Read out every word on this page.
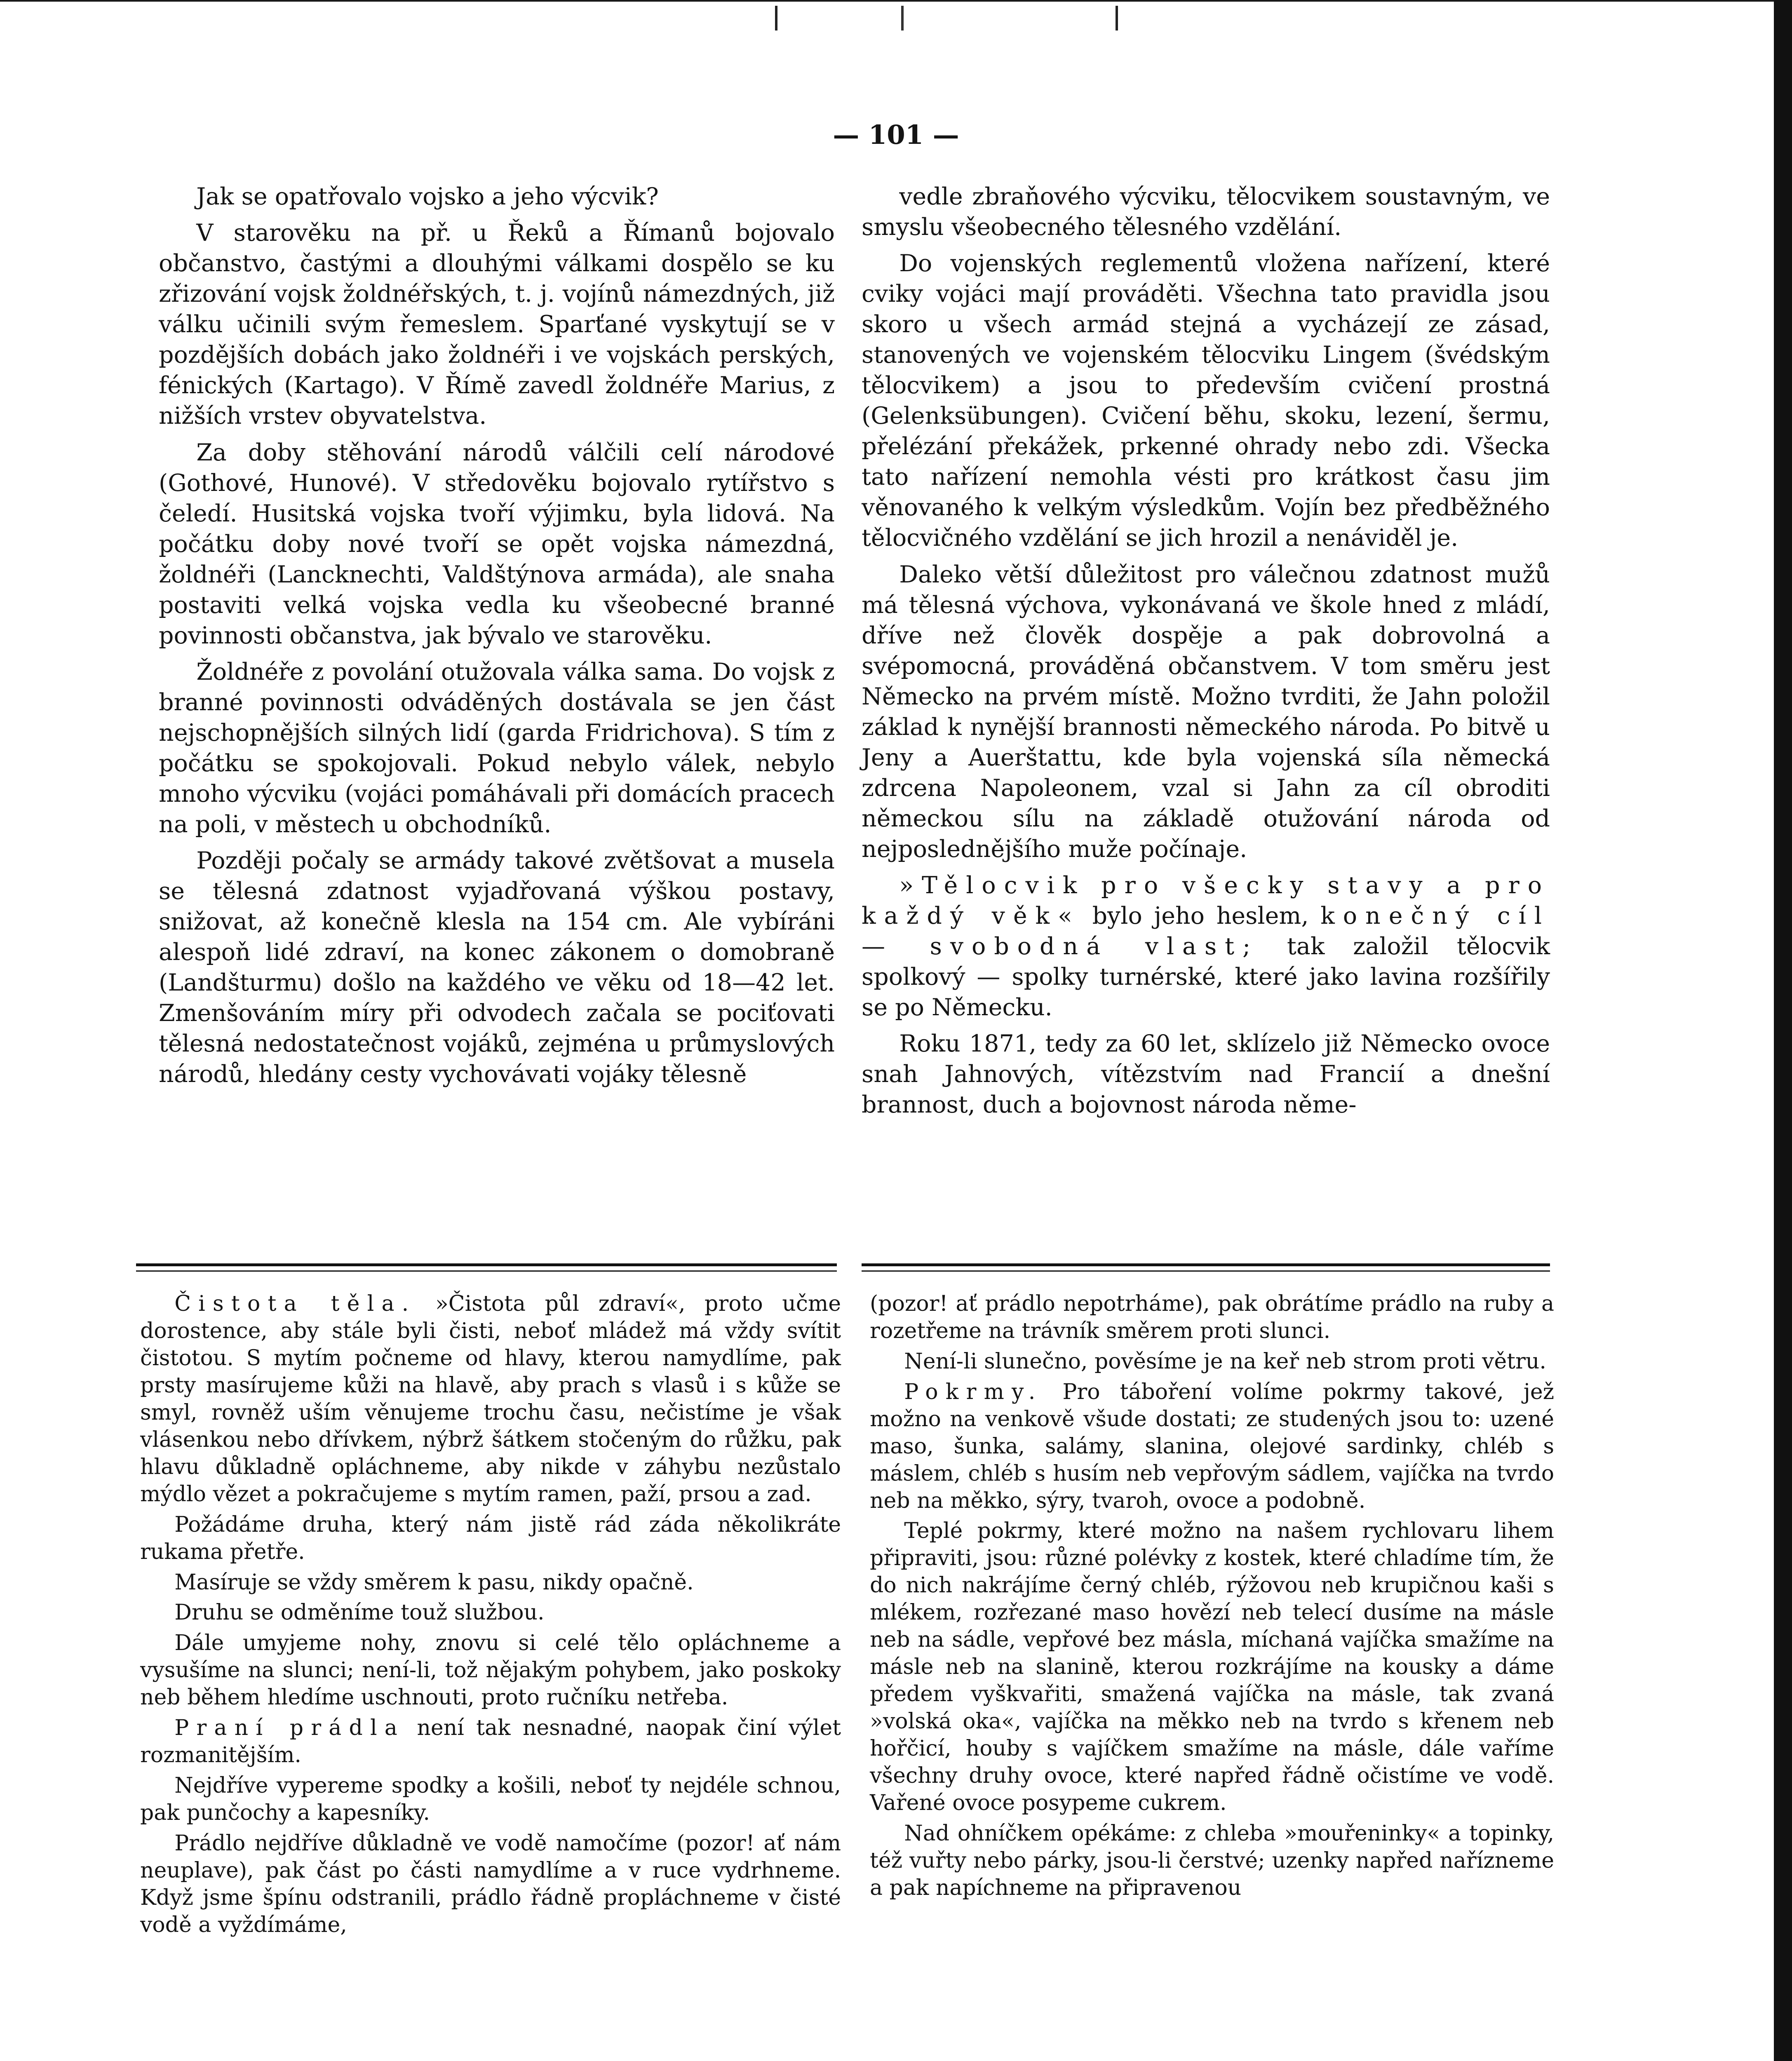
— 101 —

Jak se opatřovalo vojsko a jeho výcvik?

V starověku na př. u Řeků a Římanů bojovalo občanstvo, častými a dlouhými válkami dospělo se ku zřizování vojsk žoldnéřských, t. j. vojínů námezdných, již válku učinili svým řemeslem. Sparťané vyskytují se v pozdějších dobách jako žoldnéři i ve vojskách perských, fénických (Kartago). V Římě zavedl žoldnéře Marius, z nižších vrstev obyvatelstva.

Za doby stěhování národů válčili celí národové (Gothové, Hunové). V středověku bojovalo rytířstvo s čeledí. Husitská vojska tvoří výjimku, byla lidová. Na počátku doby nové tvoří se opět vojska námezdná, žoldnéři (Lancknechti, Valdštýnova armáda), ale snaha postaviti velká vojska vedla ku všeobecné branné povinnosti občanstva, jak bývalo ve starověku.

Žoldnéře z povolání otužovala válka sama. Do vojsk z branné povinnosti odváděných dostávala se jen část nejschopnějších silných lidí (garda Fridrichova). S tím z počátku se spokojovali. Pokud nebylo válek, nebylo mnoho výcviku (vojáci pomáhávali při domácích pracech na poli, v městech u obchodníků.

Později počaly se armády takové zvětšovat a musela se tělesná zdatnost vyjadřovaná výškou postavy, snižovat, až konečně klesla na 154 cm. Ale vybíráni alespoň lidé zdraví, na konec zákonem o domobraně (Landšturmu) došlo na každého ve věku od 18—42 let. Zmenšováním míry při odvodech začala se pociťovati tělesná nedostatečnost vojáků, zejména u průmyslových národů, hledány cesty vychovávati vojáky tělesně

vedle zbraňového výcviku, tělocvikem soustavným, ve smyslu všeobecného tělesného vzdělání.

Do vojenských reglementů vložena nařízení, které cviky vojáci mají prováděti. Všechna tato pravidla jsou skoro u všech armád stejná a vycházejí ze zásad, stanovených ve vojenském tělocviku Lingem (švédským tělocvikem) a jsou to především cvičení prostná (Gelenksübungen). Cvičení běhu, skoku, lezení, šermu, přelézání překážek, prkenné ohrady nebo zdi. Všecka tato nařízení nemohla vésti pro krátkost času jim věnovaného k velkým výsledkům. Vojín bez předběžného tělocvičného vzdělání se jich hrozil a nenáviděl je.

Daleko větší důležitost pro válečnou zdatnost mužů má tělesná výchova, vykonávaná ve škole hned z mládí, dříve než člověk dospěje a pak dobrovolná a svépomocná, prováděná občanstvem. V tom směru jest Německo na prvém místě. Možno tvrditi, že Jahn položil základ k nynější brannosti německého národa. Po bitvě u Jeny a Auerštattu, kde byla vojenská síla německá zdrcena Napoleonem, vzal si Jahn za cíl obroditi německou sílu na základě otužování národa od nejposlednějšího muže počínaje.

»Tělocvik pro všecky stavy a pro každý věk« bylo jeho heslem, konečný cíl — svobodná vlast; tak založil tělocvik spolkový — spolky turnérské, které jako lavina rozšířily se po Německu.

Roku 1871, tedy za 60 let, sklízelo již Německo ovoce snah Jahnových, vítězstvím nad Francií a dnešní brannost, duch a bojovnost národa něme-

Čistota těla. »Čistota půl zdraví«, proto učme dorostence, aby stále byli čisti, neboť mládež má vždy svítit čistotou. S mytím počneme od hlavy, kterou namydlíme, pak prsty masírujeme kůži na hlavě, aby prach s vlasů i s kůže se smyl, rovněž uším věnujeme trochu času, nečistíme je však vlásenkou nebo dřívkem, nýbrž šátkem stočeným do růžku, pak hlavu důkladně opláchneme, aby nikde v záhybu nezůstalo mýdlo vězet a pokračujeme s mytím ramen, paží, prsou a zad.

Požádáme druha, který nám jistě rád záda několikráte rukama přetře.

Masíruje se vždy směrem k pasu, nikdy opačně.

Druhu se odměníme touž službou.

Dále umyjeme nohy, znovu si celé tělo opláchneme a vysušíme na slunci; není-li, tož nějakým pohybem, jako poskoky neb během hledíme uschnouti, proto ručníku netřeba.

Praní prádla není tak nesnadné, naopak činí výlet rozmanitějším.

Nejdříve vypereme spodky a košili, neboť ty nejdéle schnou, pak punčochy a kapesníky.

Prádlo nejdříve důkladně ve vodě namočíme (pozor! ať nám neuplave), pak část po části namydlíme a v ruce vydrhneme. Když jsme špínu odstranili, prádlo řádně propláchneme v čisté vodě a vyždímáme,

(pozor! ať prádlo nepotrháme), pak obrátíme prádlo na ruby a rozetřeme na trávník směrem proti slunci.

Není-li slunečno, pověsíme je na keř neb strom proti větru.

Pokrmy. Pro táboření volíme pokrmy takové, jež možno na venkově všude dostati; ze studených jsou to: uzené maso, šunka, salámy, slanina, olejové sardinky, chléb s máslem, chléb s husím neb vepřovým sádlem, vajíčka na tvrdo neb na měkko, sýry, tvaroh, ovoce a podobně.

Teplé pokrmy, které možno na našem rychlovaru lihem připraviti, jsou: různé polévky z kostek, které chladíme tím, že do nich nakrájíme černý chléb, rýžovou neb krupičnou kaši s mlékem, rozřezané maso hovězí neb telecí dusíme na másle neb na sádle, vepřové bez másla, míchaná vajíčka smažíme na másle neb na slanině, kterou rozkrájíme na kousky a dáme předem vyškvařiti, smažená vajíčka na másle, tak zvaná »volská oka«, vajíčka na měkko neb na tvrdo s křenem neb hořčicí, houby s vajíčkem smažíme na másle, dále vaříme všechny druhy ovoce, které napřed řádně očistíme ve vodě. Vařené ovoce posypeme cukrem.

Nad ohníčkem opékáme: z chleba »mouřeninky« a topinky, též vuřty nebo párky, jsou-li čerstvé; uzenky napřed nařízneme a pak napíchneme na připravenou
